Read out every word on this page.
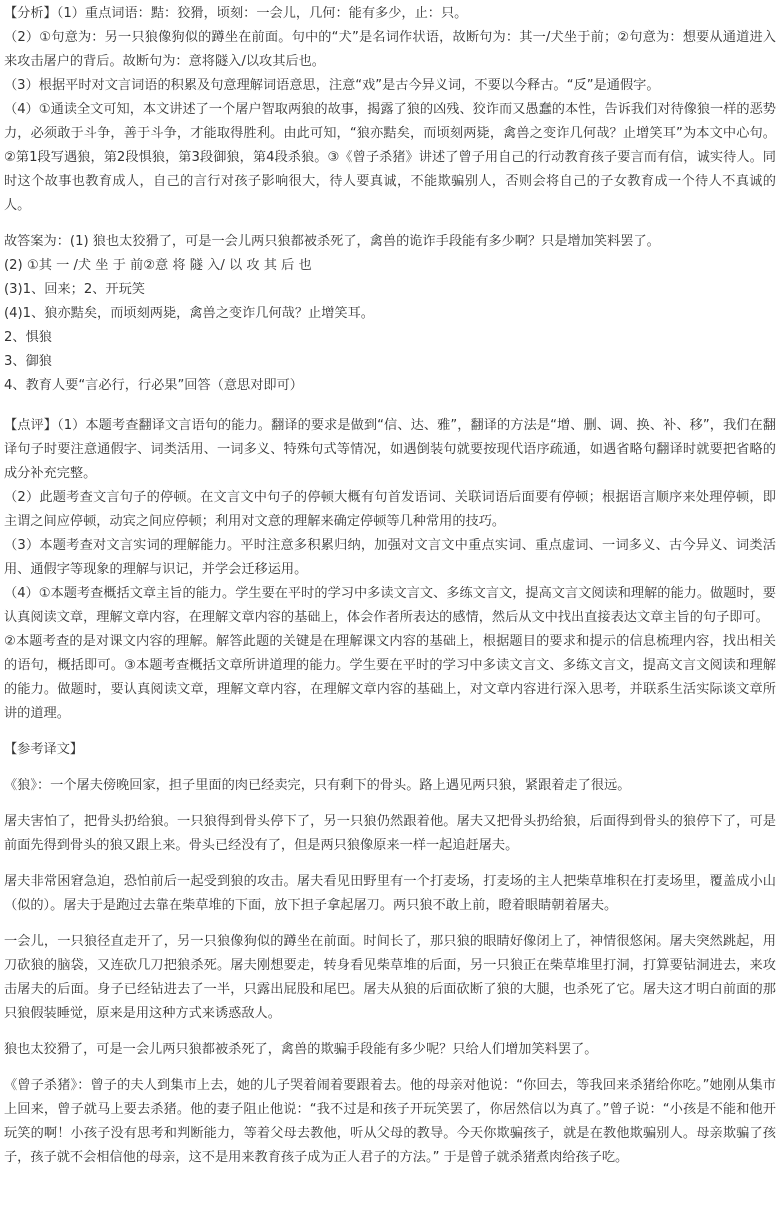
【分析】（1）重点词语：黠：狡猾，顷刻：一会儿，几何：能有多少，止：只。

（2）①句意为：另一只狼像狗似的蹲坐在前面。句中的“犬”是名词作状语，故断句为：其一/犬坐于前；②句意为：想要从通道进入来攻击屠户的背后。故断句为：意将隧入/以攻其后也。

（3）根据平时对文言词语的积累及句意理解词语意思，注意“戏”是古今异义词，不要以今释古。“反”是通假字。

（4）①通读全文可知，本文讲述了一个屠户智取两狼的故事，揭露了狼的凶残、狡诈而又愚蠢的本性，告诉我们对待像狼一样的恶势力，必须敢于斗争，善于斗争，才能取得胜利。由此可知，“狼亦黠矣，而顷刻两毙，禽兽之变诈几何哉？止增笑耳”为本文中心句。②第1段写遇狼，第2段惧狼，第3段御狼，第4段杀狼。③《曾子杀猪》讲述了曾子用自己的行动教育孩子要言而有信，诚实待人。同时这个故事也教育成人，自己的言行对孩子影响很大，待人要真诚，不能欺骗别人，否则会将自己的子女教育成一个待人不真诚的人。

故答案为：(1) 狼也太狡猾了，可是一会儿两只狼都被杀死了，禽兽的诡诈手段能有多少啊？只是增加笑料罢了。

(2) ①其 一 /犬 坐 于 前②意 将 隧 入/ 以 攻 其 后 也

(3)1、回来；2、开玩笑

(4)1、狼亦黠矣，而顷刻两毙，禽兽之变诈几何哉？止增笑耳。

2、惧狼

3、御狼

4、教育人要“言必行，行必果”回答（意思对即可）

【点评】（1）本题考查翻译文言语句的能力。翻译的要求是做到“信、达、雅”，翻译的方法是“增、删、调、换、补、移”，我们在翻译句子时要注意通假字、词类活用、一词多义、特殊句式等情况，如遇倒装句就要按现代语序疏通，如遇省略句翻译时就要把省略的成分补充完整。

（2）此题考查文言句子的停顿。在文言文中句子的停顿大概有句首发语词、关联词语后面要有停顿；根据语言顺序来处理停顿，即主谓之间应停顿，动宾之间应停顿；利用对文意的理解来确定停顿等几种常用的技巧。

（3）本题考查对文言实词的理解能力。平时注意多积累归纳，加强对文言文中重点实词、重点虚词、一词多义、古今异义、词类活用、通假字等现象的理解与识记，并学会迁移运用。

（4）①本题考查概括文章主旨的能力。学生要在平时的学习中多读文言文、多练文言文，提高文言文阅读和理解的能力。做题时，要认真阅读文章，理解文章内容，在理解文章内容的基础上，体会作者所表达的感情，然后从文中找出直接表达文章主旨的句子即可。

②本题考查的是对课文内容的理解。解答此题的关键是在理解课文内容的基础上，根据题目的要求和提示的信息梳理内容，找出相关的语句，概括即可。③本题考查概括文章所讲道理的能力。学生要在平时的学习中多读文言文、多练文言文，提高文言文阅读和理解的能力。做题时，要认真阅读文章，理解文章内容，在理解文章内容的基础上，对文章内容进行深入思考，并联系生活实际谈文章所讲的道理。

【参考译文】

《狼》：一个屠夫傍晚回家，担子里面的肉已经卖完，只有剩下的骨头。路上遇见两只狼，紧跟着走了很远。

屠夫害怕了，把骨头扔给狼。一只狼得到骨头停下了，另一只狼仍然跟着他。屠夫又把骨头扔给狼，后面得到骨头的狼停下了，可是前面先得到骨头的狼又跟上来。骨头已经没有了，但是两只狼像原来一样一起追赶屠夫。

屠夫非常困窘急迫，恐怕前后一起受到狼的攻击。屠夫看见田野里有一个打麦场，打麦场的主人把柴草堆积在打麦场里，覆盖成小山（似的）。屠夫于是跑过去靠在柴草堆的下面，放下担子拿起屠刀。两只狼不敢上前，瞪着眼睛朝着屠夫。

一会儿，一只狼径直走开了，另一只狼像狗似的蹲坐在前面。时间长了，那只狼的眼睛好像闭上了，神情很悠闲。屠夫突然跳起，用刀砍狼的脑袋，又连砍几刀把狼杀死。屠夫刚想要走，转身看见柴草堆的后面，另一只狼正在柴草堆里打洞，打算要钻洞进去，来攻击屠夫的后面。身子已经钻进去了一半，只露出屁股和尾巴。屠夫从狼的后面砍断了狼的大腿，也杀死了它。屠夫这才明白前面的那只狼假装睡觉，原来是用这种方式来诱惑敌人。

狼也太狡猾了，可是一会儿两只狼都被杀死了，禽兽的欺骗手段能有多少呢？只给人们增加笑料罢了。

《曾子杀猪》：曾子的夫人到集市上去，她的儿子哭着闹着要跟着去。他的母亲对他说：“你回去，等我回来杀猪给你吃。”她刚从集市上回来，曾子就马上要去杀猪。他的妻子阻止他说：“我不过是和孩子开玩笑罢了，你居然信以为真了。”曾子说：“小孩是不能和他开玩笑的啊！小孩子没有思考和判断能力，等着父母去教他，听从父母的教导。今天你欺骗孩子，就是在教他欺骗别人。母亲欺骗了孩子，孩子就不会相信他的母亲，这不是用来教育孩子成为正人君子的方法。” 于是曾子就杀猪煮肉给孩子吃。
